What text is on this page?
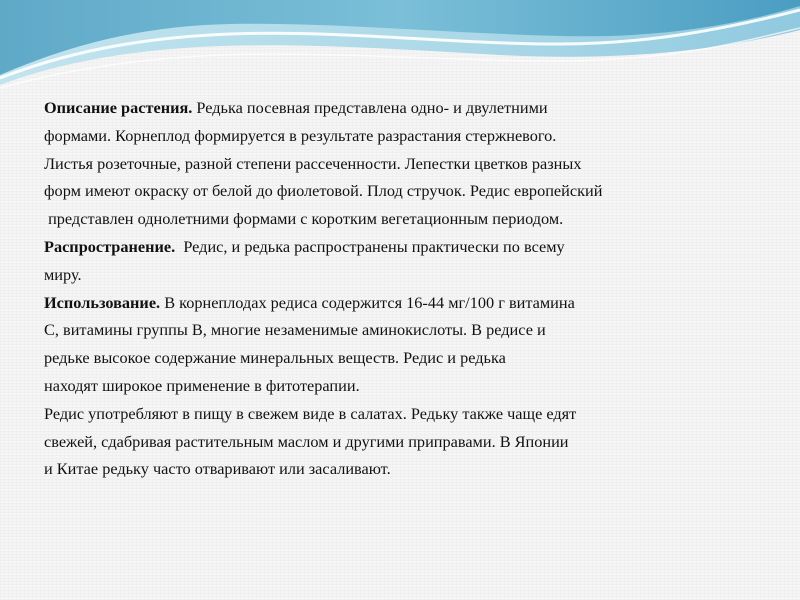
Описание растения. Редька посевная представлена одно- и двулетними
формами. Корнеплод формируется в результате разрастания стержневого.
Листья розеточные, разной степени рассеченности. Лепестки цветков разных
форм имеют окраску от белой до фиолетовой. Плод стручок. Редис европейский
представлен однолетними формами с коротким вегетационным периодом.
Распространение.  Редис, и редька распространены практически по всему
миру.
Использование. В корнеплодах редиса содержится 16-44 мг/100 г витамина
С, витамины группы В, многие незаменимые аминокислоты. В редисе и
редьке высокое содержание минеральных веществ. Редис и редька
находят широкое применение в фитотерапии.
Редис употребляют в пищу в свежем виде в салатах. Редьку также чаще едят
свежей, сдабривая растительным маслом и другими приправами. В Японии
и Китае редьку часто отваривают или засаливают.
